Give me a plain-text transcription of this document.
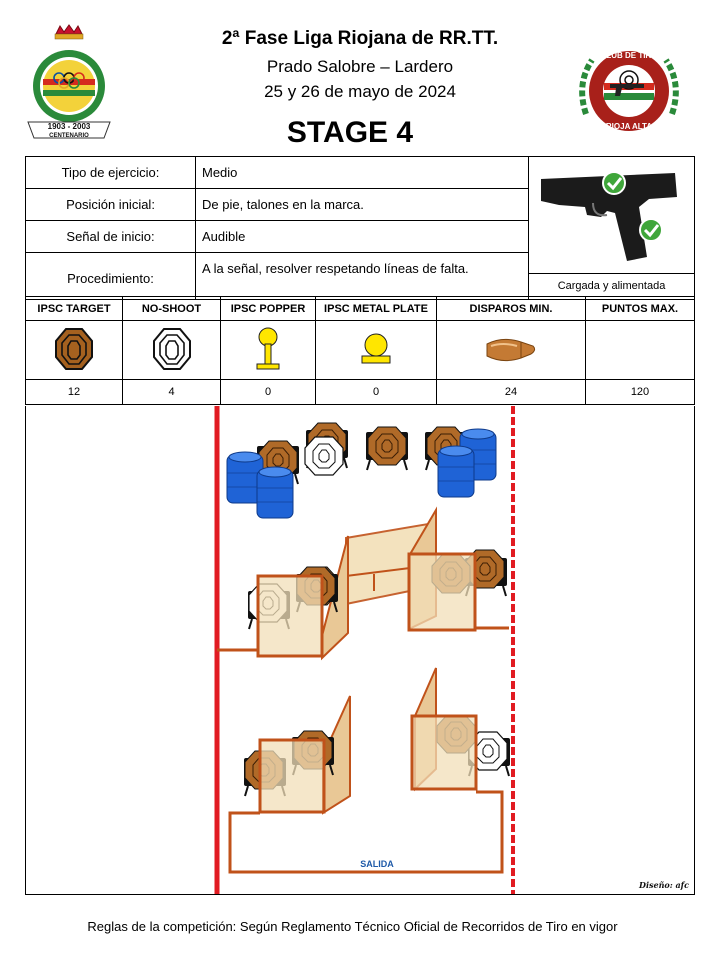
1903 - 2003
CENTENARIO
CLUB DE TIRO
RIOJA ALTA
2ª Fase Liga Riojana de RR.TT.
Prado Salobre – Lardero
25 y 26 de mayo de 2024
STAGE 4
Tipo de ejercicio:	Medio	Cargada y alimentada

Posición inicial:	De pie, talones en la marca.	
Señal de inicio:	Audible	
Procedimiento:	A la señal, resolver respetando líneas de falta.	
IPSC TARGET	NO-SHOOT	IPSC POPPER	IPSC METAL PLATE	DISPAROS MIN.	PUNTOS MAX.

12	4	0	0	24	120
SALIDA
Diseño: afc
Reglas de la competición: Según Reglamento Técnico Oficial de Recorridos de Tiro en vigor
